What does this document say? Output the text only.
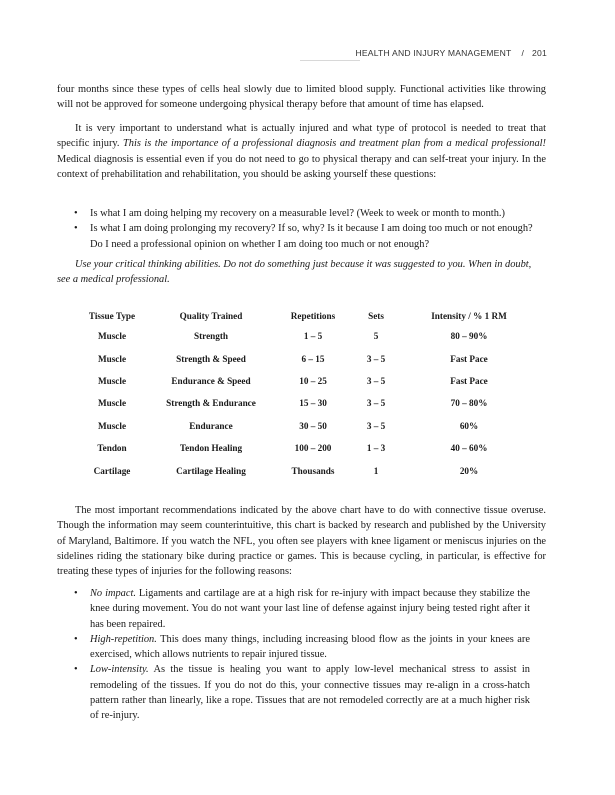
HEALTH AND INJURY MANAGEMENT / 201

four months since these types of cells heal slowly due to limited blood supply. Functional activities like throwing will not be approved for someone undergoing physical therapy before that amount of time has elapsed.

It is very important to understand what is actually injured and what type of protocol is needed to treat that specific injury. This is the importance of a professional diagnosis and treatment plan from a medical professional! Medical diagnosis is essential even if you do not need to go to physical therapy and can self-treat your injury. In the context of prehabilitation and rehabilitation, you should be asking yourself these questions:

• Is what I am doing helping my recovery on a measurable level? (Week to week or month to month.)
• Is what I am doing prolonging my recovery? If so, why? Is it because I am doing too much or not enough? Do I need a professional opinion on whether I am doing too much or not enough?

Use your critical thinking abilities. Do not do something just because it was suggested to you. When in doubt, see a medical professional.

Tissue Type	Quality Trained	Repetitions	Sets	Intensity / % 1 RM
Muscle	Strength	1 – 5	5	80 – 90%
Muscle	Strength & Speed	6 – 15	3 – 5	Fast Pace
Muscle	Endurance & Speed	10 – 25	3 – 5	Fast Pace
Muscle	Strength & Endurance	15 – 30	3 – 5	70 – 80%
Muscle	Endurance	30 – 50	3 – 5	60%
Tendon	Tendon Healing	100 – 200	1 – 3	40 – 60%
Cartilage	Cartilage Healing	Thousands	1	20%

The most important recommendations indicated by the above chart have to do with connective tissue overuse. Though the information may seem counterintuitive, this chart is backed by research and published by the University of Maryland, Baltimore. If you watch the NFL, you often see players with knee ligament or meniscus injuries on the sidelines riding the stationary bike during practice or games. This is because cycling, in particular, is effective for treating these types of injuries for the following reasons:

• No impact. Ligaments and cartilage are at a high risk for re-injury with impact because they stabilize the knee during movement. You do not want your last line of defense against injury being tested right after it has been repaired.
• High-repetition. This does many things, including increasing blood flow as the joints in your knees are exercised, which allows nutrients to repair injured tissue.
• Low-intensity. As the tissue is healing you want to apply low-level mechanical stress to assist in remodeling of the tissues. If you do not do this, your connective tissues may re-align in a cross-hatch pattern rather than linearly, like a rope. Tissues that are not remodeled correctly are at a much higher risk of re-injury.
